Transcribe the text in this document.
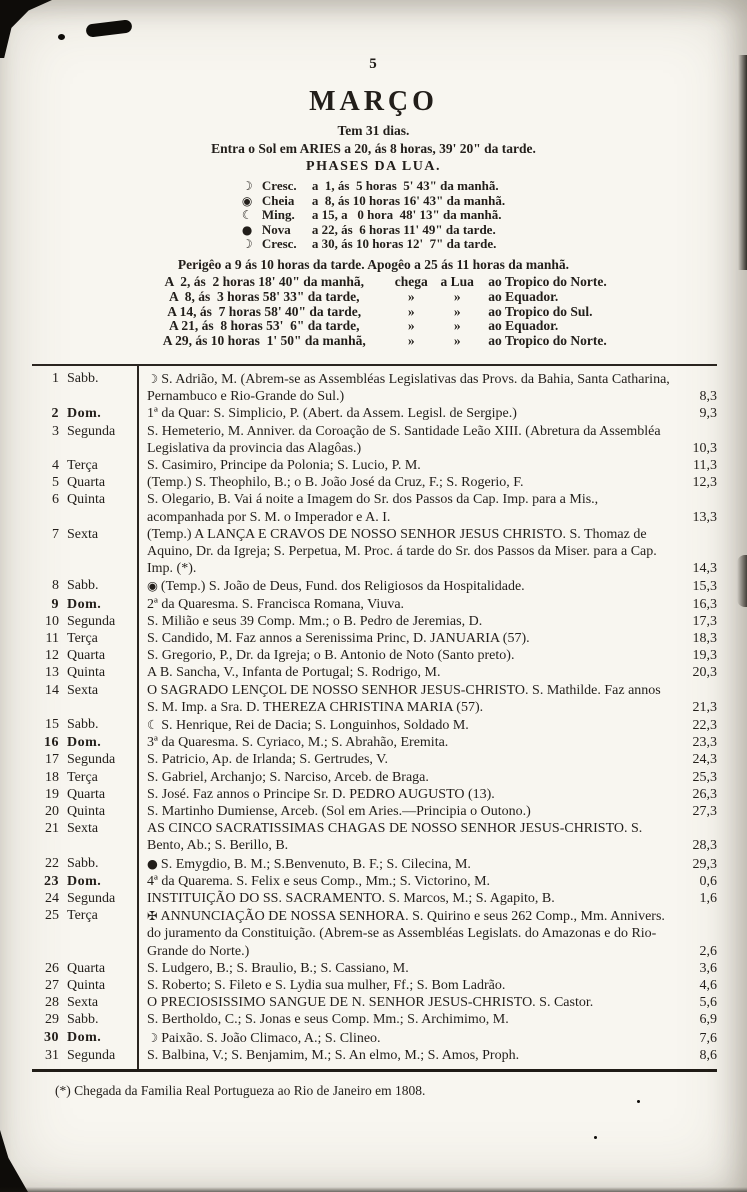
5
MARÇO
Tem 31 dias.
Entra o Sol em ARIES a 20, ás 8 horas, 39' 20" da tarde.
PHASES DA LUA.
☽ Cresc.	a  1, ás  5 horas  5' 43" da manhã.
◉ Cheia	a  8, ás 10 horas 16' 43" da manhã.
☾ Ming.	a 15, a   0 hora  48' 13" da manhã.
● Nova	a 22, ás  6 horas 11' 49" da tarde.
☽ Cresc.	a 30, ás 10 horas 12'  7" da tarde.
Perigêo a 9 ás 10 horas da tarde. Apogêo a 25 ás 11 horas da manhã.
A  2, ás  2 horas 18' 40" da manhã,	chega a Lua	ao Tropico do Norte.
A  8, ás  3 horas 58' 33" da tarde,	»	»	ao Equador.
A 14, ás  7 horas 58' 40" da tarde,	»	»	ao Tropico do Sul.
A 21, ás  8 horas 53'  6" da tarde,	»	»	ao Equador.
A 29, ás 10 horas  1' 50" da manhã,	»	»	ao Tropico do Norte.
1 Sabb.	☽ S. Adrião, M. (Abrem-se as Assembléas Legislativas das Provs. da Bahia, Santa Catharina, Pernambuco e Rio-Grande do Sul.)	8,3
2 Dom.	1ª da Quar: S. Simplicio, P. (Abert. da Assem. Legisl. de Sergipe.)	9,3
3 Segunda	S. Hemeterio, M. Anniver. da Coroação de S. Santidade Leão XIII. (Abretura da Assembléa Legislativa da provincia das Alagôas.)	10,3
4 Terça	S. Casimiro, Principe da Polonia; S. Lucio, P. M.	11,3
5 Quarta	(Temp.) S. Theophilo, B.; o B. João José da Cruz, F.; S. Rogerio, F.	12,3
6 Quinta	S. Olegario, B. Vai á noite a Imagem do Sr. dos Passos da Cap. Imp. para a Mis., acompanhada por S. M. o Imperador e A. I.	13,3
7 Sexta	(Temp.) A LANÇA E CRAVOS DE NOSSO SENHOR JESUS CHRISTO. S. Thomaz de Aquino, Dr. da Igreja; S. Perpetua, M. Proc. á tarde do Sr. dos Passos da Miser. para a Cap. Imp. (*).	14,3
8 Sabb.	◉ (Temp.) S. João de Deus, Fund. dos Religiosos da Hospitalidade.	15,3
9 Dom.	2ª da Quaresma. S. Francisca Romana, Viuva.	16,3
10 Segunda	S. Milião e seus 39 Comp. Mm.; o B. Pedro de Jeremias, D.	17,3
11 Terça	S. Candido, M. Faz annos a Serenissima Princ, D. JANUARIA (57).	18,3
12 Quarta	S. Gregorio, P., Dr. da Igreja; o B. Antonio de Noto (Santo preto).	19,3
13 Quinta	A B. Sancha, V., Infanta de Portugal; S. Rodrigo, M.	20,3
14 Sexta	O SAGRADO LENÇOL DE NOSSO SENHOR JESUS-CHRISTO. S. Mathilde. Faz annos S. M. Imp. a Sra. D. THEREZA CHRISTINA MARIA (57).	21,3
15 Sabb.	☾ S. Henrique, Rei de Dacia; S. Longuinhos, Soldado M.	22,3
16 Dom.	3ª da Quaresma. S. Cyriaco, M.; S. Abrahão, Eremita.	23,3
17 Segunda	S. Patricio, Ap. de Irlanda; S. Gertrudes, V.	24,3
18 Terça	S. Gabriel, Archanjo; S. Narciso, Arceb. de Braga.	25,3
19 Quarta	S. José. Faz annos o Principe Sr. D. PEDRO AUGUSTO (13).	26,3
20 Quinta	S. Martinho Dumiense, Arceb. (Sol em Aries.—Principia o Outono.)	27,3
21 Sexta	AS CINCO SACRATISSIMAS CHAGAS DE NOSSO SENHOR JESUS-CHRISTO. S. Bento, Ab.; S. Berillo, B.	28,3
22 Sabb.	● S. Emygdio, B. M.; S.Benvenuto, B. F.; S. Cilecina, M.	29,3
23 Dom.	4ª da Quarema. S. Felix e seus Comp., Mm.; S. Victorino, M.	0,6
24 Segunda	INSTITUIÇÃO DO SS. SACRAMENTO. S. Marcos, M.; S. Agapito, B.	1,6
25 Terça	✠ ANNUNCIAÇÃO DE NOSSA SENHORA. S. Quirino e seus 262 Comp., Mm. Annivers. do juramento da Constituição. (Abrem-se as Assembléas Legislats. do Amazonas e do Rio-Grande do Norte.)	2,6
26 Quarta	S. Ludgero, B.; S. Braulio, B.; S. Cassiano, M.	3,6
27 Quinta	S. Roberto; S. Fileto e S. Lydia sua mulher, Ff.; S. Bom Ladrão.	4,6
28 Sexta	O PRECIOSISSIMO SANGUE DE N. SENHOR JESUS-CHRISTO. S. Castor.	5,6
29 Sabb.	S. Bertholdo, C.; S. Jonas e seus Comp. Mm.; S. Archimimo, M.	6,9
30 Dom.	☽ Paixão. S. João Climaco, A.; S. Clineo.	7,6
31 Segunda	S. Balbina, V.; S. Benjamim, M.; S. An elmo, M.; S. Amos, Proph.	8,6
(*) Chegada da Familia Real Portugueza ao Rio de Janeiro em 1808.
